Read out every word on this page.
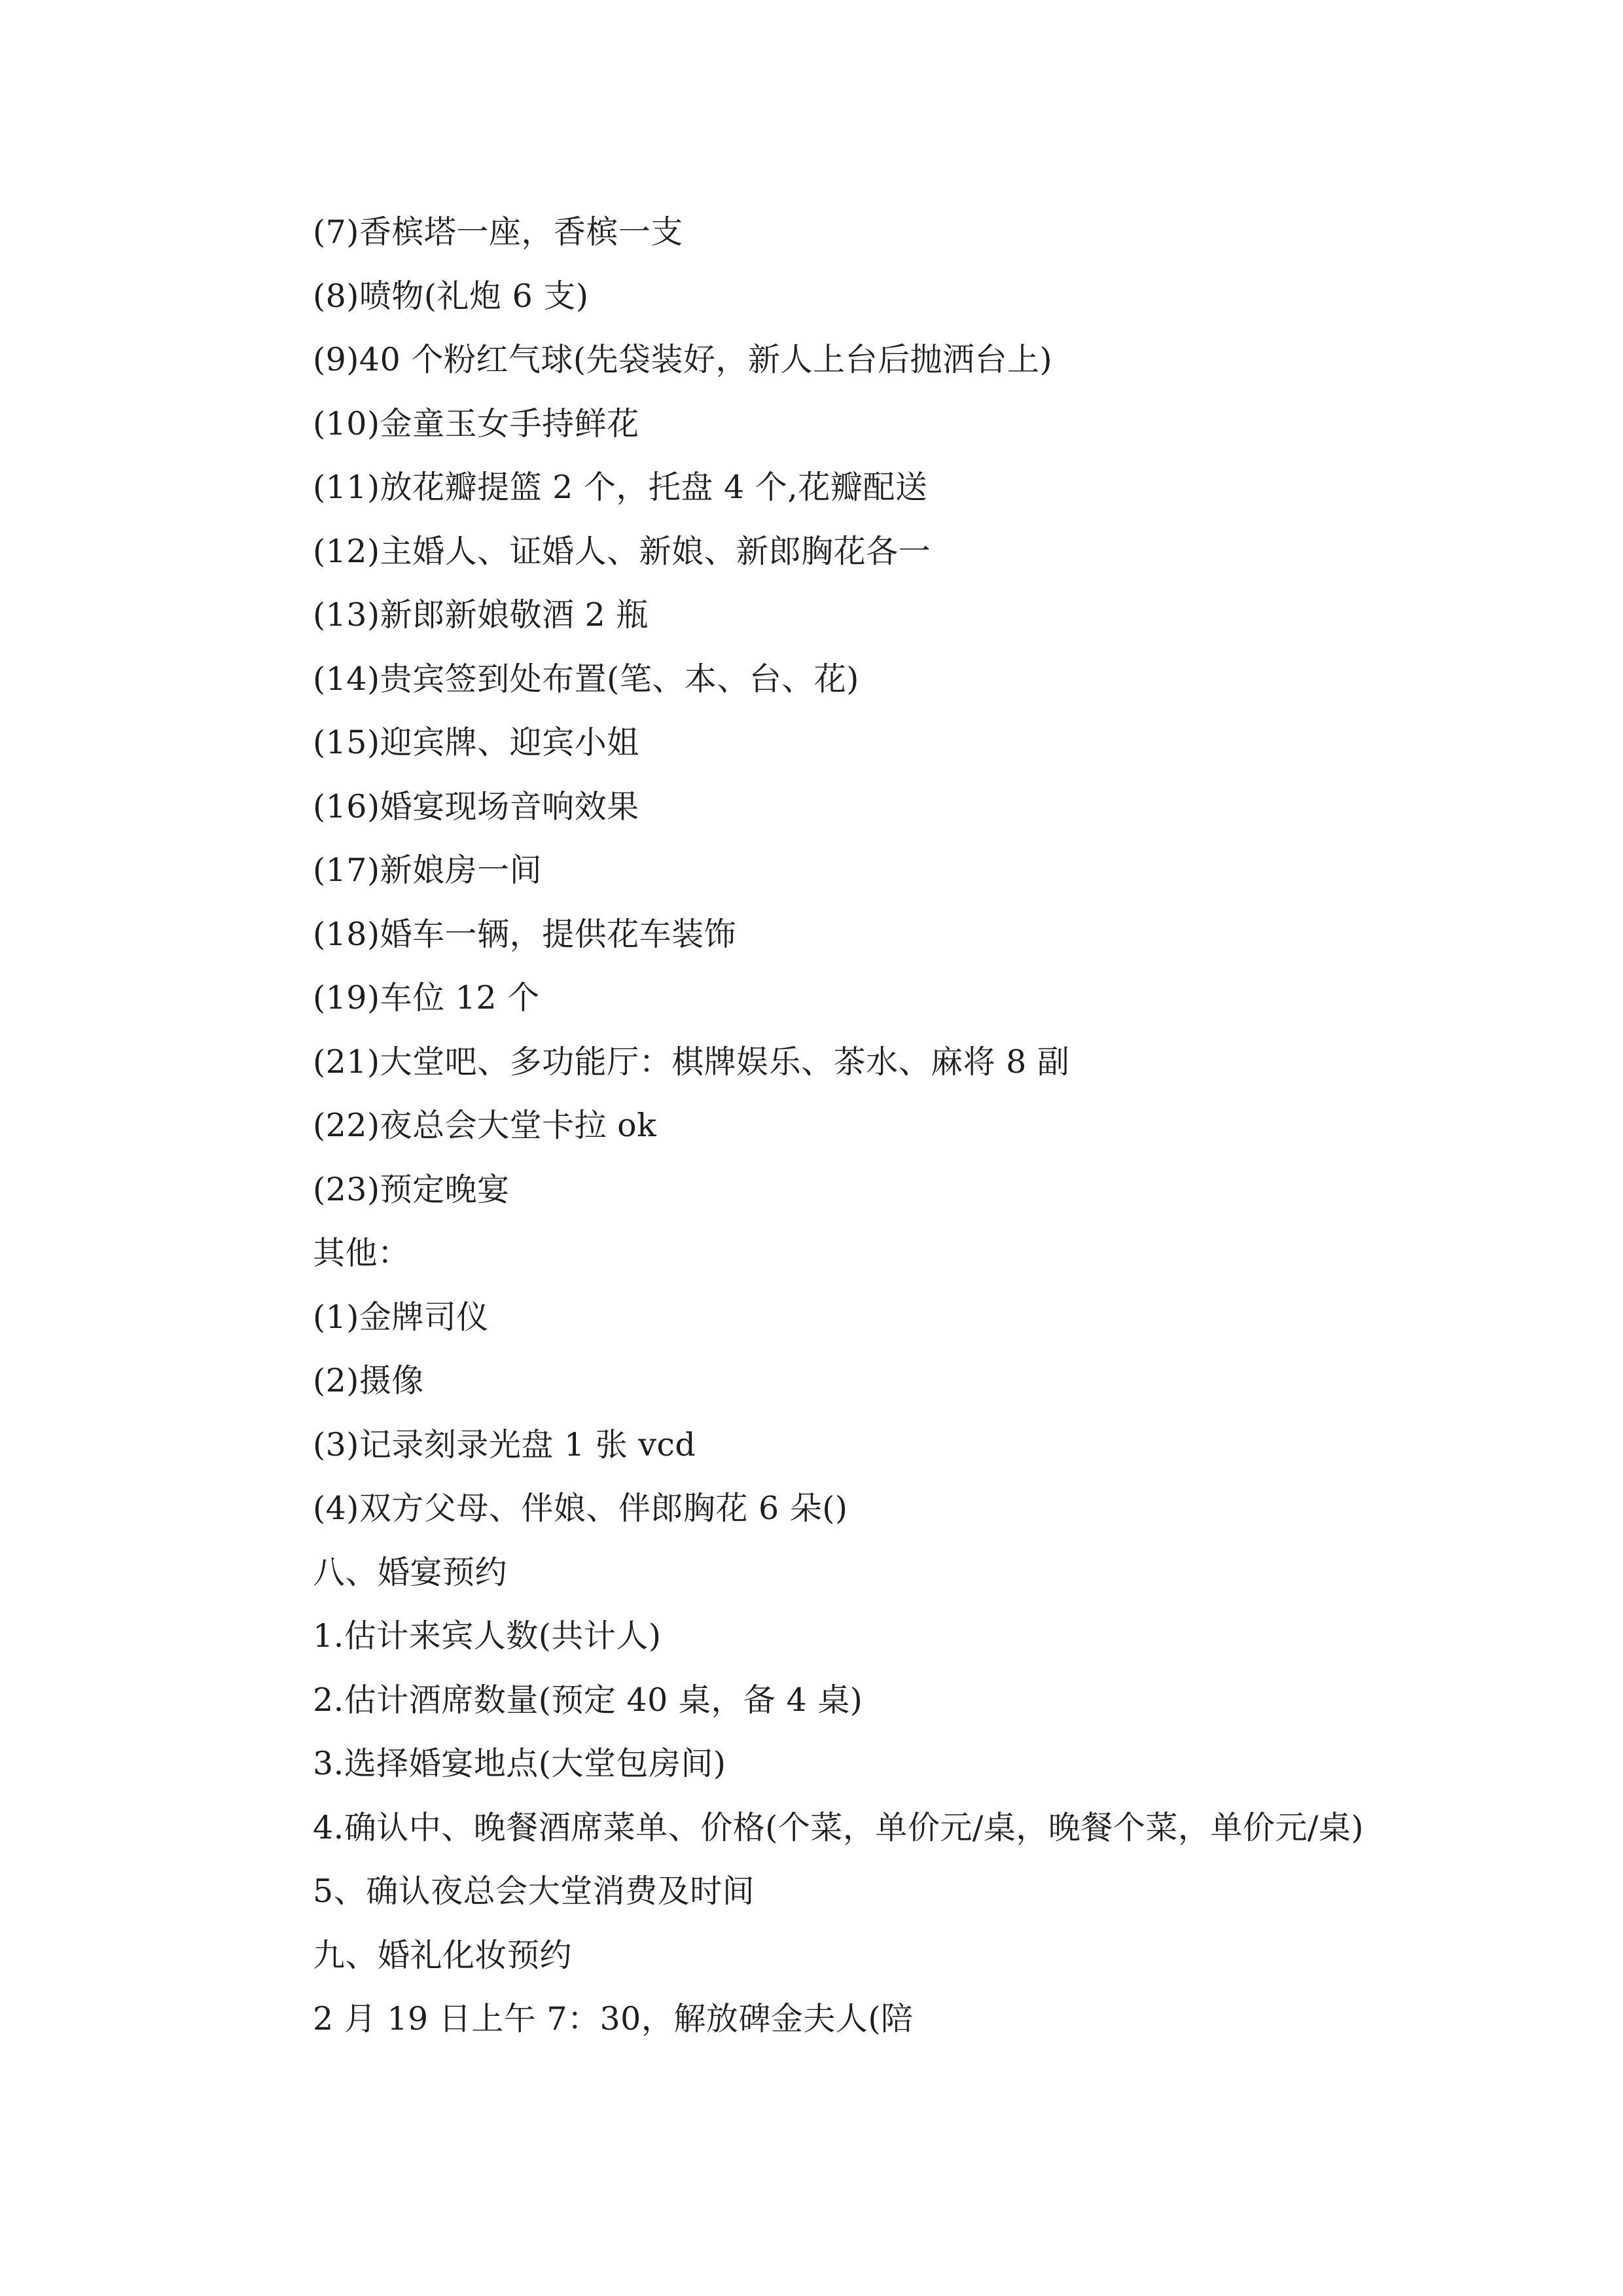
(7)香槟塔一座，香槟一支
(8)喷物(礼炮 6 支)
(9)40 个粉红气球(先袋装好，新人上台后抛洒台上)
(10)金童玉女手持鲜花
(11)放花瓣提篮 2 个，托盘 4 个,花瓣配送
(12)主婚人、证婚人、新娘、新郎胸花各一
(13)新郎新娘敬酒 2 瓶
(14)贵宾签到处布置(笔、本、台、花)
(15)迎宾牌、迎宾小姐
(16)婚宴现场音响效果
(17)新娘房一间
(18)婚车一辆，提供花车装饰
(19)车位 12 个
(21)大堂吧、多功能厅：棋牌娱乐、茶水、麻将 8 副
(22)夜总会大堂卡拉 ok
(23)预定晚宴
其他：
(1)金牌司仪
(2)摄像
(3)记录刻录光盘 1 张 vcd
(4)双方父母、伴娘、伴郎胸花 6 朵()
八、婚宴预约
1.估计来宾人数(共计人)
2.估计酒席数量(预定 40 桌，备 4 桌)
3.选择婚宴地点(大堂包房间)
4.确认中、晚餐酒席菜单、价格(个菜，单价元/桌，晚餐个菜，单价元/桌)
5、确认夜总会大堂消费及时间
九、婚礼化妆预约
2 月 19 日上午 7：30，解放碑金夫人(陪
